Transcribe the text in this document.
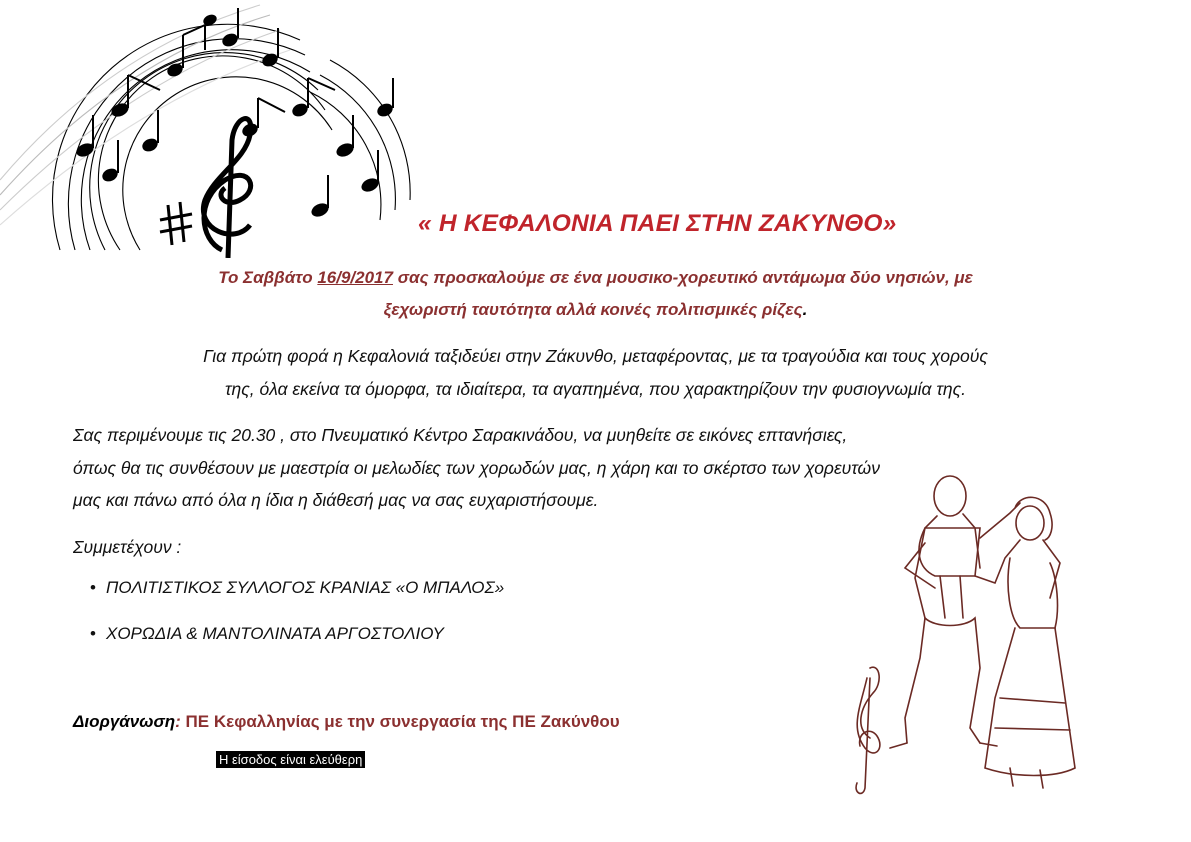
« Η ΚΕΦΑΛΟΝΙΑ ΠΑΕΙ ΣΤΗΝ ΖΑΚΥΝΘΟ»
Το Σαββάτο 16/9/2017 σας προσκαλούμε σε ένα μουσικο-χορευτικό αντάμωμα δύο νησιών, με
ξεχωριστή ταυτότητα αλλά κοινές πολιτισμικές ρίζες.
Για πρώτη φορά η Κεφαλονιά ταξιδεύει στην Ζάκυνθο, μεταφέροντας, με τα τραγούδια και τους χορούς
της, όλα εκείνα τα όμορφα, τα ιδιαίτερα, τα αγαπημένα, που χαρακτηρίζουν την φυσιογνωμία της.
Σας περιμένουμε τις 20.30 , στο Πνευματικό Κέντρο Σαρακινάδου, να μυηθείτε σε εικόνες επτανήσιες,
όπως θα τις συνθέσουν με μαεστρία οι μελωδίες των χορωδών μας, η χάρη και το σκέρτσο των χορευτών
μας και πάνω από όλα η ίδια η διάθεσή μας να σας ευχαριστήσουμε.
Συμμετέχουν :
• ΠΟΛΙΤΙΣΤΙΚΟΣ ΣΥΛΛΟΓΟΣ ΚΡΑΝΙΑΣ «Ο ΜΠΑΛΟΣ»
• ΧΟΡΩΔΙΑ & ΜΑΝΤΟΛΙΝΑΤΑ ΑΡΓΟΣΤΟΛΙΟΥ
Διοργάνωση: ΠΕ Κεφαλληνίας με την συνεργασία της ΠΕ Ζακύνθου
Η είσοδος είναι ελεύθερη
